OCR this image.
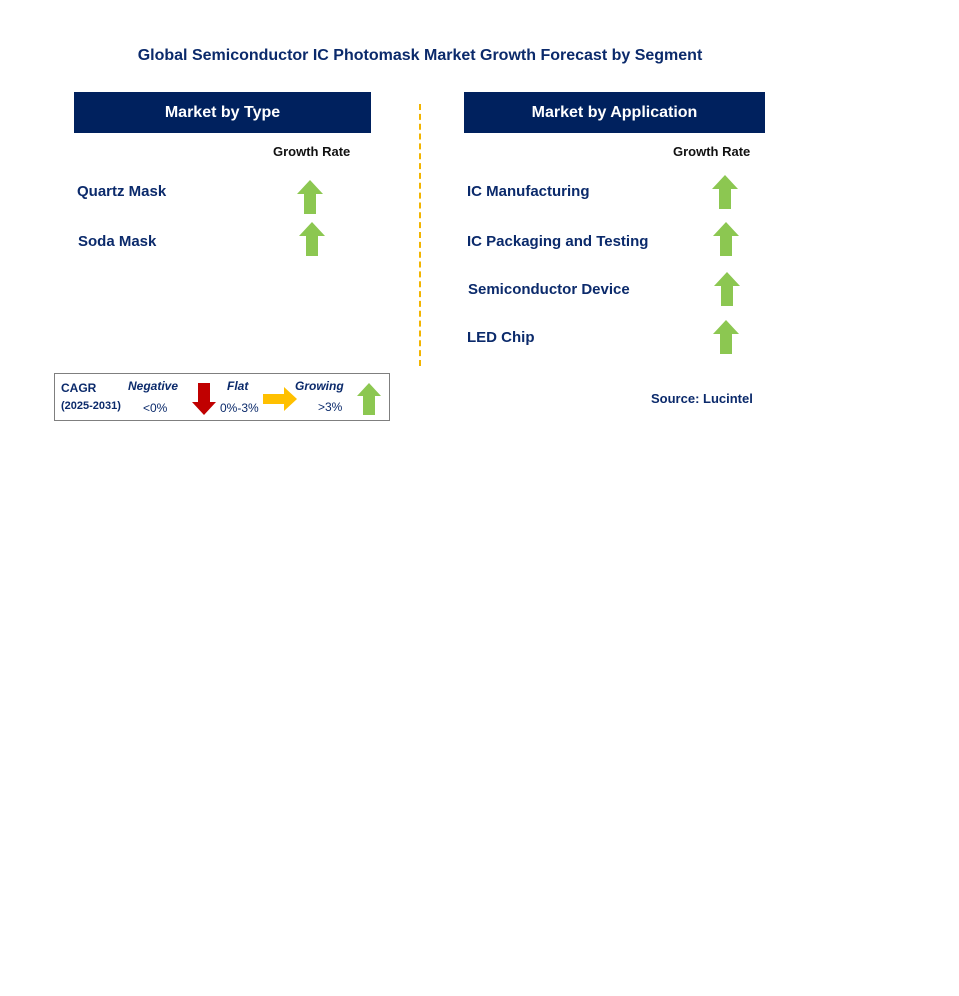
Global Semiconductor IC Photomask Market Growth Forecast by Segment
Market by Type
Growth Rate
Quartz Mask
Soda Mask
Market by Application
Growth Rate
IC Manufacturing
IC Packaging and Testing
Semiconductor Device
LED Chip
CAGR
(2025-2031)
Negative
<0%
Flat
0%-3%
Growing
>3%
Source: Lucintel
